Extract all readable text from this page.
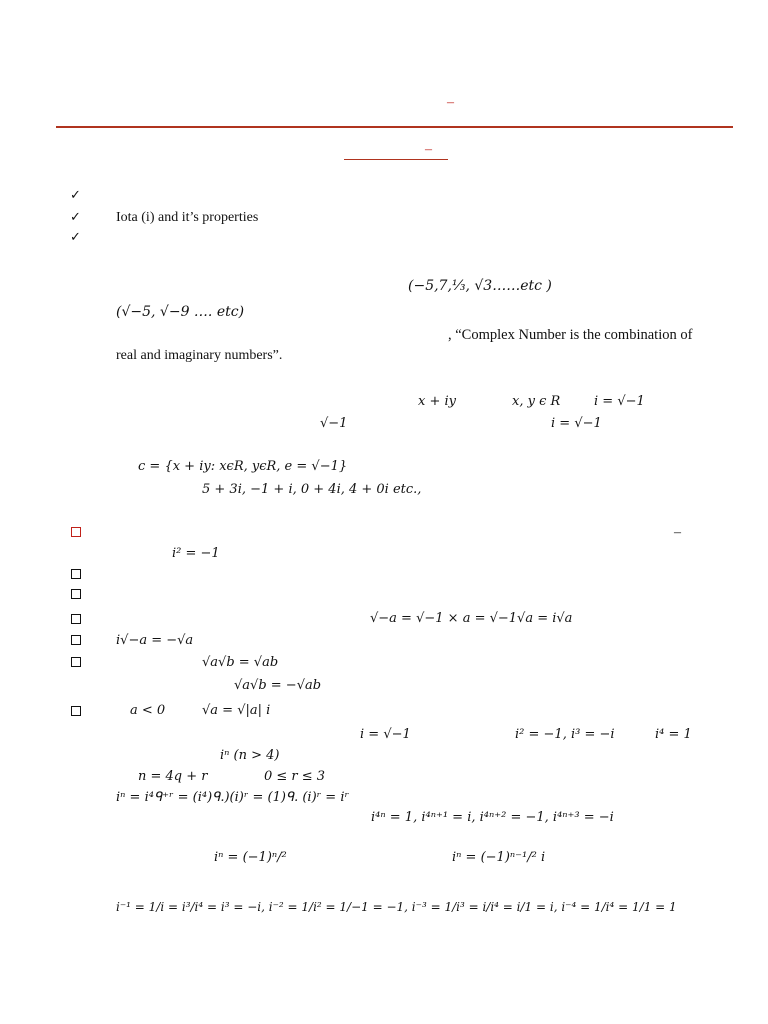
–
–
✓
✓	Iota (i) and it’s properties
✓
(−5,7,⅓, √3……etc )
(√−5, √−9 …. etc)
, “Complex Number is the combination of
real and imaginary numbers”.
x + iy	x, y ϵ R	i = √−1
√−1	i = √−1
c = {x + iy: xϵR, yϵR, e = √−1}
5 + 3i, −1 + i, 0 + 4i, 4 + 0i etc.,
–
i² = −1
√−a = √−1 × a = √−1√a = i√a
i√−a = −√a
√a√b = √ab
√a√b = −√ab
a < 0	√a = √|a| i
i = √−1	i² = −1, i³ = −i	i⁴ = 1
iⁿ (n > 4)
n = 4q + r	0 ≤ r ≤ 3
iⁿ = i⁴ᑫ⁺ʳ = (i⁴)ᑫ.)(i)ʳ = (1)ᑫ. (i)ʳ = iʳ
i⁴ⁿ = 1, i⁴ⁿ⁺¹ = i, i⁴ⁿ⁺² = −1, i⁴ⁿ⁺³ = −i
iⁿ = (−1)ⁿ/²	iⁿ = (−1)ⁿ⁻¹/² i
i⁻¹ = 1/i = i³/i⁴ = i³ = −i, i⁻² = 1/i² = 1/−1 = −1, i⁻³ = 1/i³ = i/i⁴ = i/1 = i, i⁻⁴ = 1/i⁴ = 1/1 = 1
